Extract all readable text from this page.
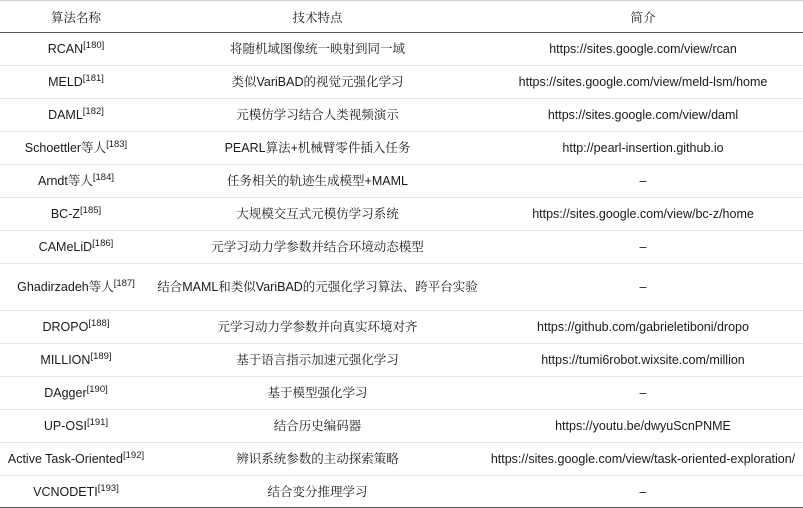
算法名称	技术特点	简介
RCAN[180]	将随机域图像统一映射到同一域	https://sites.google.com/view/rcan
MELD[181]	类似VariBAD的视觉元强化学习	https://sites.google.com/view/meld-lsm/home
DAML[182]	元模仿学习结合人类视频演示	https://sites.google.com/view/daml
Schoettler等人[183]	PEARL算法+机械臂零件插入任务	http://pearl-insertion.github.io
Arndt等人[184]	任务相关的轨迹生成模型+MAML	–
BC-Z[185]	大规模交互式元模仿学习系统	https://sites.google.com/view/bc-z/home
CAMeLiD[186]	元学习动力学参数并结合环境动态模型	–
Ghadirzadeh等人[187]	结合MAML和类似VariBAD的元强化学习算法、跨平台实验	–
DROPO[188]	元学习动力学参数并向真实环境对齐	https://github.com/gabrieletiboni/dropo
MILLION[189]	基于语言指示加速元强化学习	https://tumi6robot.wixsite.com/million
DAgger[190]	基于模型强化学习	–
UP-OSI[191]	结合历史编码器	https://youtu.be/dwyuScnPNME
Active Task-Oriented[192]	辨识系统参数的主动探索策略	https://sites.google.com/view/task-oriented-exploration/
VCNODETI[193]	结合变分推理学习	–
